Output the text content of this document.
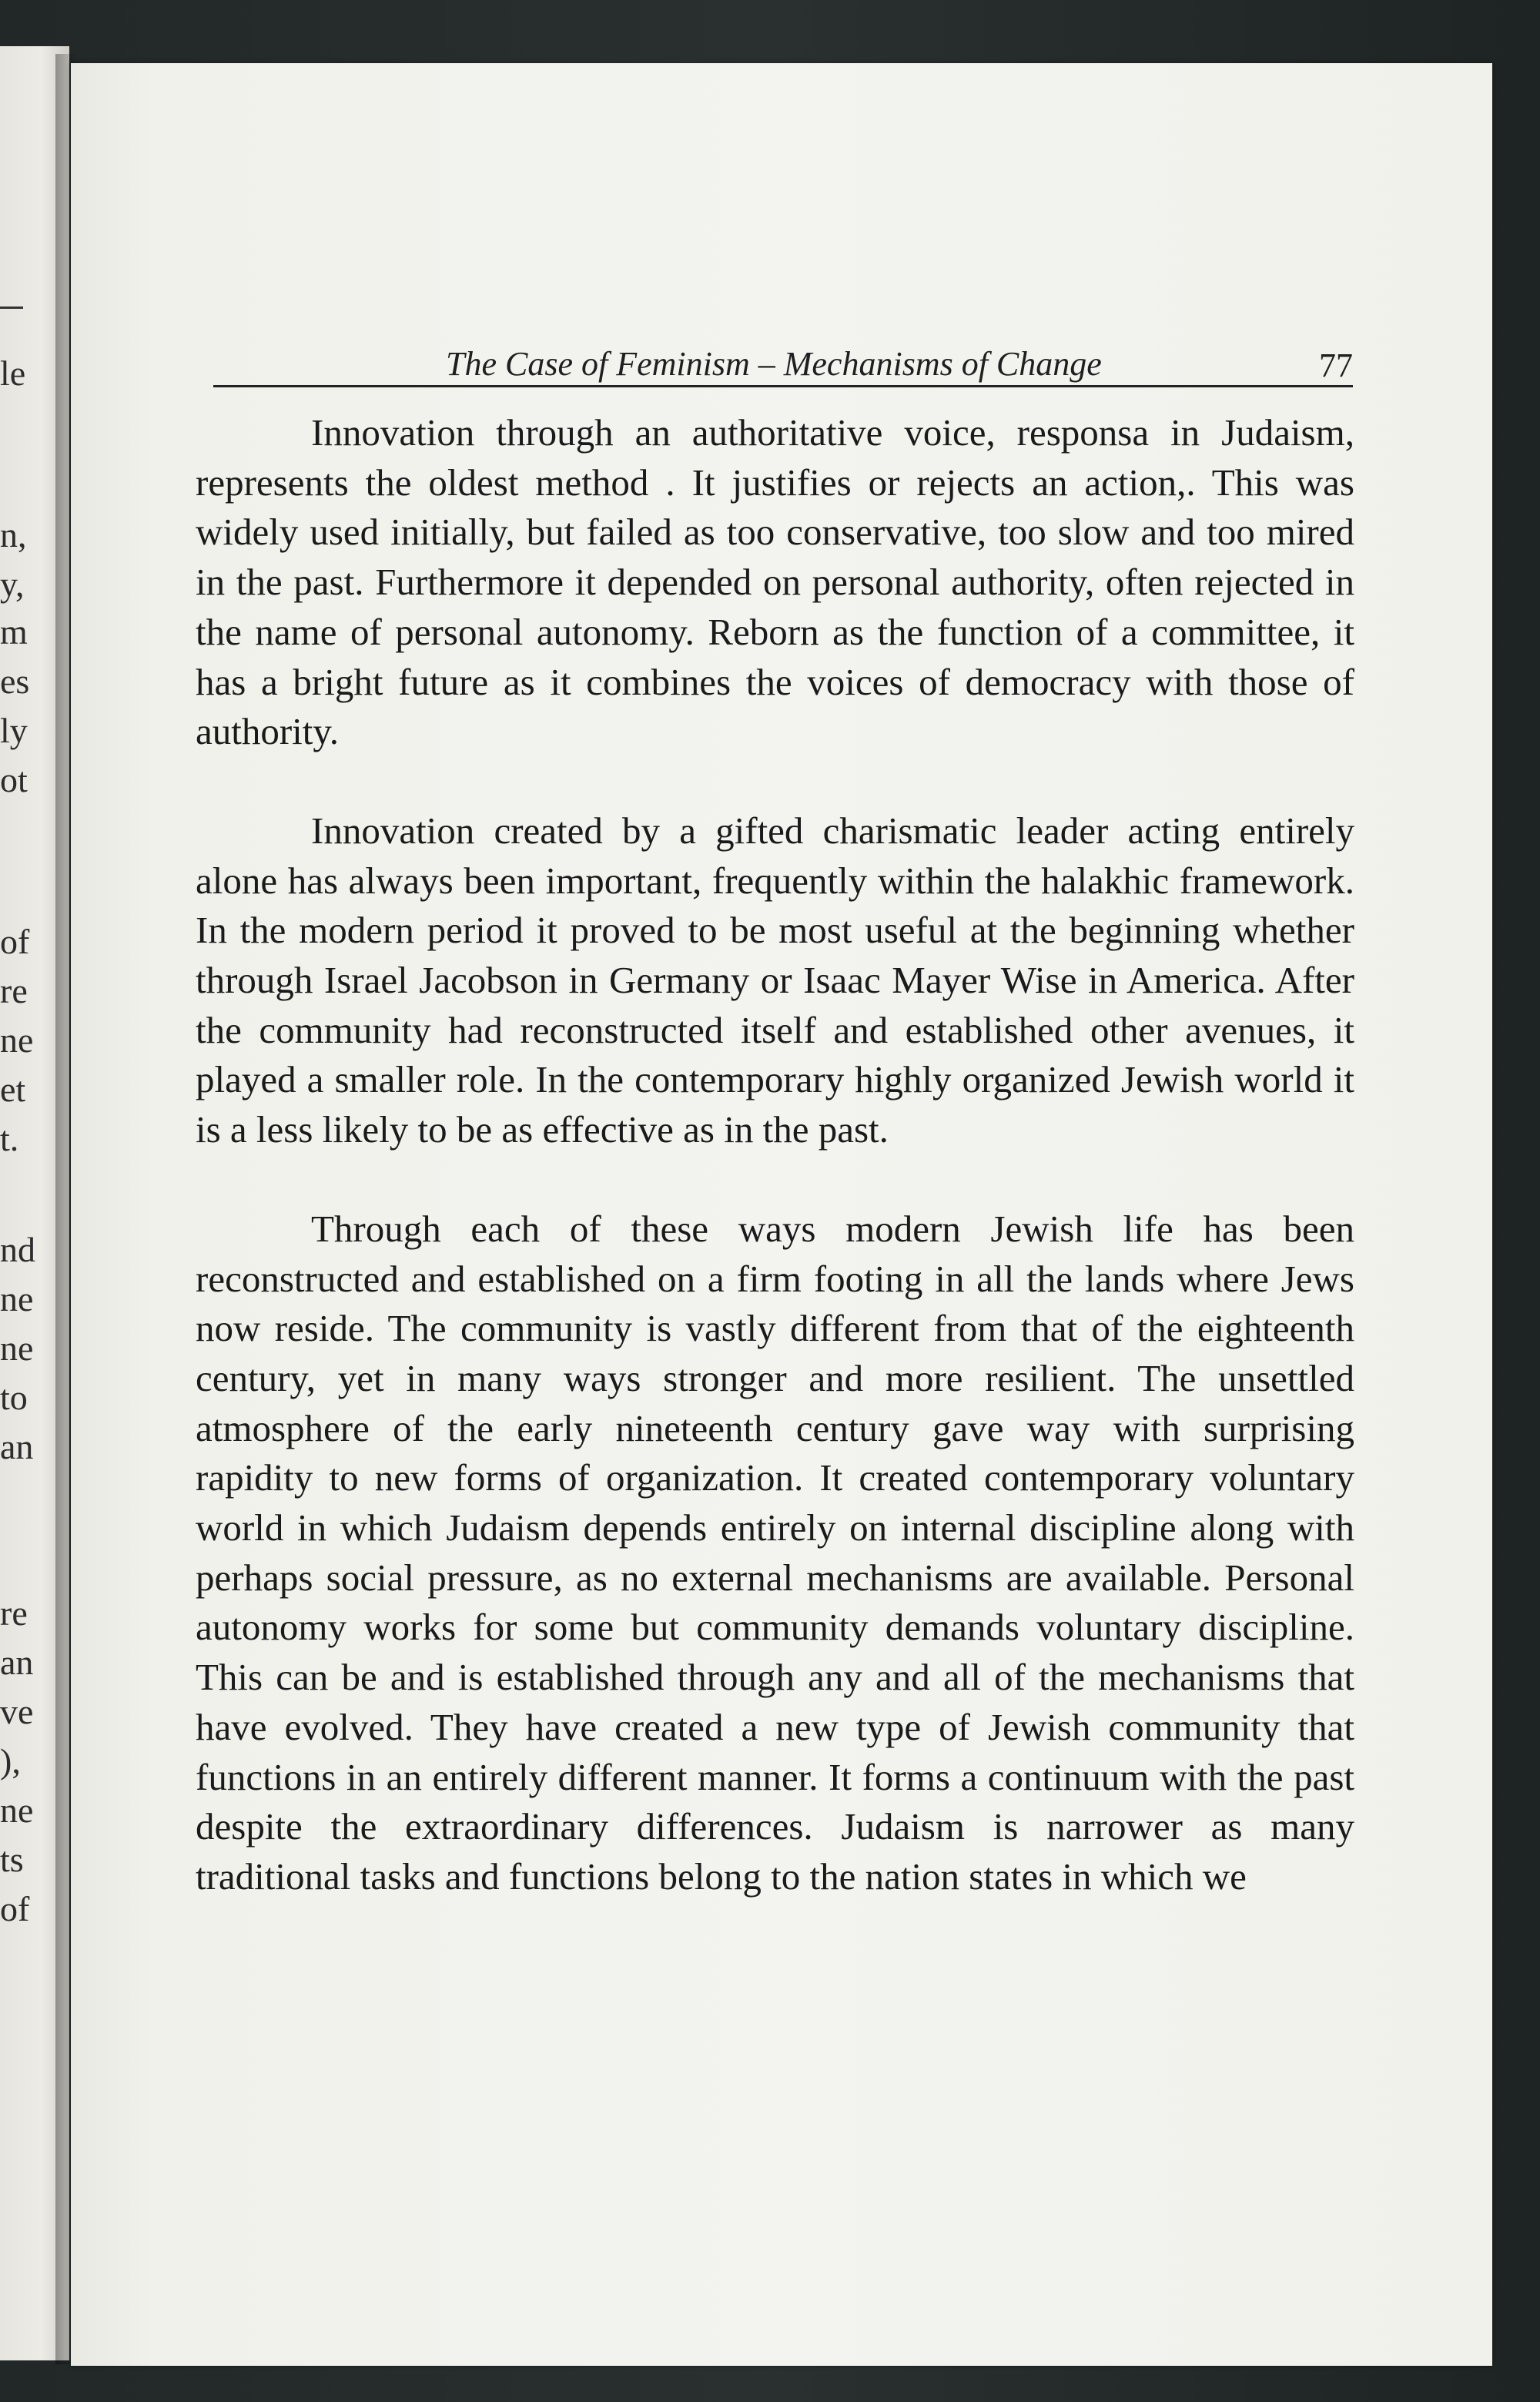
le
n,
y,
m
es
ly
ot
of
re
ne
et
t.
nd
ne
ne
to
an
re
an
ve
),
ne
ts
of
The Case of Feminism – Mechanisms of Change	77

Innovation through an authoritative voice, responsa in Judaism, represents the oldest method . It justifies or rejects an action,. This was widely used initially, but failed as too conservative, too slow and too mired in the past. Furthermore it depended on personal authority, often rejected in the name of personal autonomy. Reborn as the function of a committee, it has a bright future as it combines the voices of democracy with those of authority.

Innovation created by a gifted charismatic leader acting entirely alone has always been important, frequently within the halakhic framework. In the modern period it proved to be most useful at the beginning whether through Israel Jacobson in Germany or Isaac Mayer Wise in America. After the community had reconstructed itself and established other avenues, it played a smaller role. In the contemporary highly organized Jewish world it is a less likely to be as effective as in the past.

Through each of these ways modern Jewish life has been reconstructed and established on a firm footing in all the lands where Jews now reside. The community is vastly different from that of the eighteenth century, yet in many ways stronger and more resilient. The unsettled atmosphere of the early nineteenth century gave way with surprising rapidity to new forms of organization. It created contemporary voluntary world in which Judaism depends entirely on internal discipline along with perhaps social pressure, as no external mechanisms are available. Personal autonomy works for some but community demands voluntary discipline. This can be and is established through any and all of the mechanisms that have evolved. They have created a new type of Jewish community that functions in an entirely different manner. It forms a continuum with the past despite the extraordinary differences. Judaism is narrower as many traditional tasks and functions belong to the nation states in which we
